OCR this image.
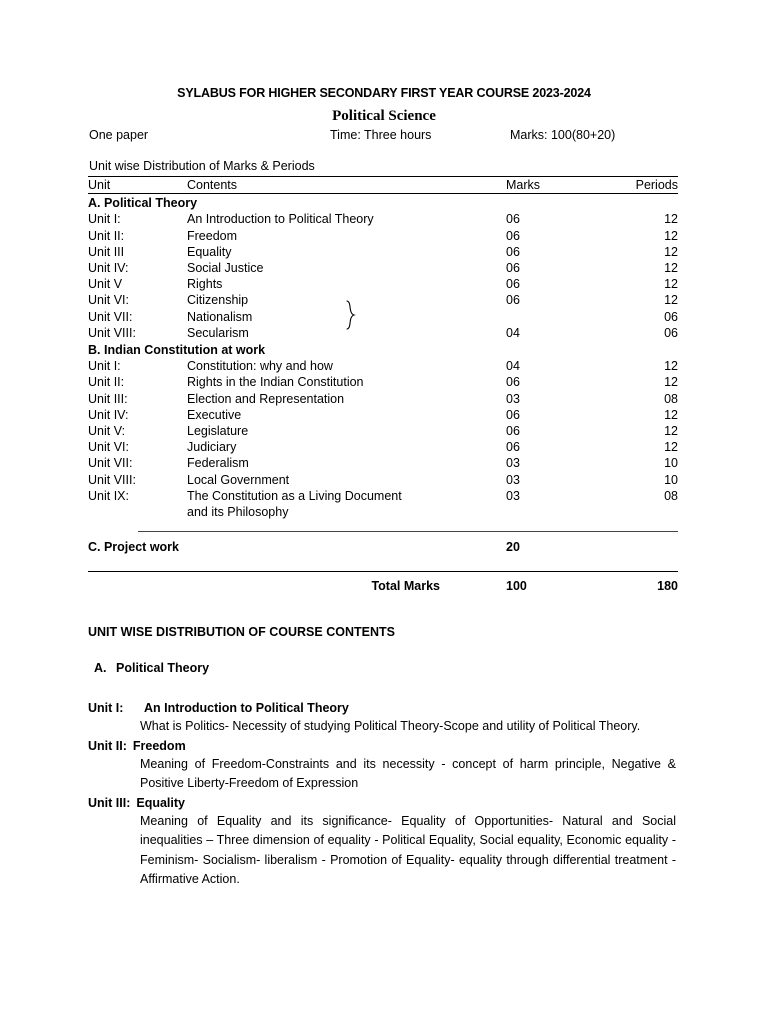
SYLABUS FOR HIGHER SECONDARY FIRST YEAR COURSE 2023-2024
Political Science
One paper	Time: Three hours	Marks: 100(80+20)
Unit wise Distribution of Marks & Periods
Unit	Contents	Marks	Periods
A. Political Theory			
Unit I:	An Introduction to Political Theory	06	12
Unit II:	Freedom	06	12
Unit III	Equality	06	12
Unit IV:	Social Justice	06	12
Unit V	Rights	06	12
Unit VI:	Citizenship	06	12
Unit VII:	Nationalism		06
Unit VIII:	Secularism	04	06
B. Indian Constitution at work			
Unit I:	Constitution: why and how	04	12
Unit II:	Rights in the Indian Constitution	06	12
Unit III:	Election and Representation	03	08
Unit IV:	Executive	06	12
Unit V:	Legislature	06	12
Unit VI:	Judiciary	06	12
Unit VII:	Federalism	03	10
Unit VIII:	Local Government	03	10
Unit IX:	The Constitution as a Living Document	03	08
	and its Philosophy		
C. Project work	20
Total Marks	100	180
UNIT WISE DISTRIBUTION OF COURSE CONTENTS
A. Political Theory
Unit I: An Introduction to Political Theory

What is Politics- Necessity of studying Political Theory-Scope and utility of Political Theory.

Unit II: Freedom

Meaning of Freedom-Constraints and its necessity - concept of harm principle, Negative & Positive Liberty-Freedom of Expression

Unit III: Equality

Meaning of Equality and its significance- Equality of Opportunities- Natural and Social inequalities – Three dimension of equality - Political Equality, Social equality, Economic equality - Feminism- Socialism- liberalism - Promotion of Equality- equality through differential treatment -Affirmative Action.
